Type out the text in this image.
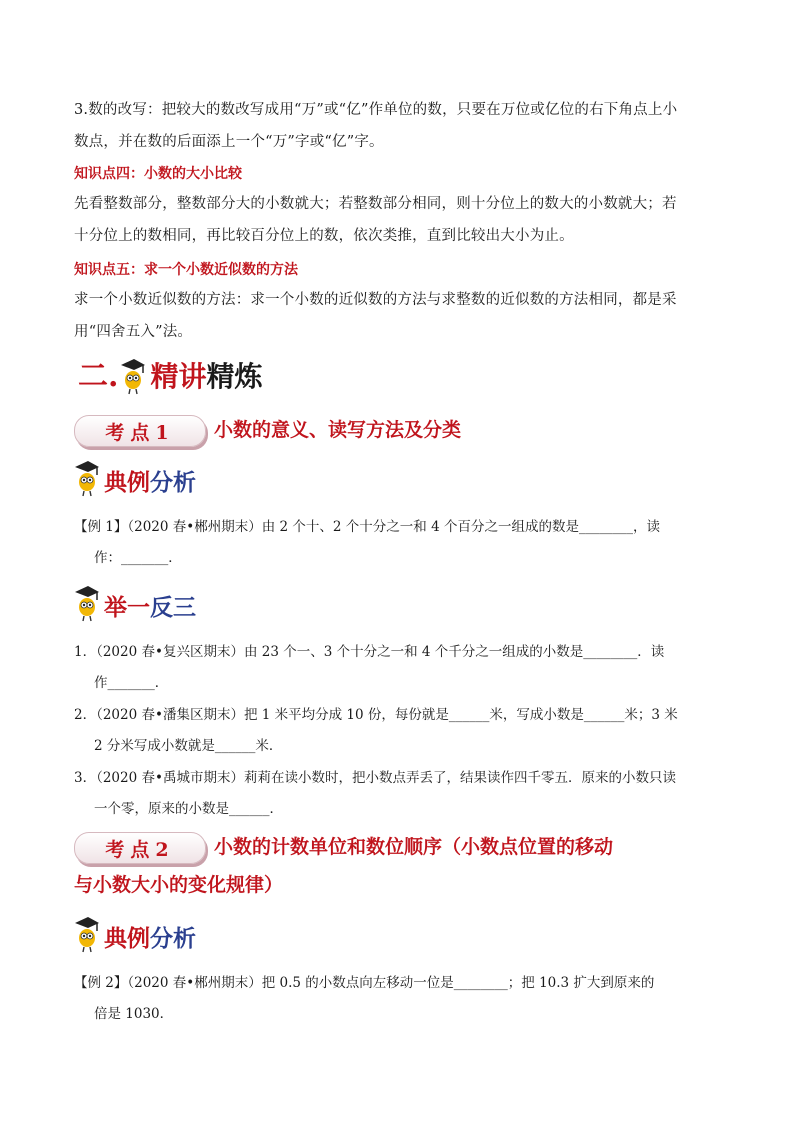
3.数的改写：把较大的数改写成用“万”或“亿”作单位的数，只要在万位或亿位的右下角点上小
数点，并在数的后面添上一个“万”字或“亿”字。

知识点四：小数的大小比较

先看整数部分，整数部分大的小数就大；若整数部分相同，则十分位上的数大的小数就大；若
十分位上的数相同，再比较百分位上的数，依次类推，直到比较出大小为止。

知识点五：求一个小数近似数的方法

求一个小数近似数的方法：求一个小数的近似数的方法与求整数的近似数的方法相同，都是采
用“四舍五入”法。

二. 精讲 精炼
考点1	小数的意义、读写方法及分类

典例 分析

【例 1】（2020 春•郴州期末）由 2 个十、2 个十分之一和 4 个百分之一组成的数是________，读
作：_______．

举一 反三

1．（2020 春•复兴区期末）由 23 个一、3 个十分之一和 4 个千分之一组成的小数是________．读
作_______．

2．（2020 春•潘集区期末）把 1 米平均分成 10 份，每份就是______米，写成小数是______米；3 米
2 分米写成小数就是______米．

3．（2020 春•禹城市期末）莉莉在读小数时，把小数点弄丢了，结果读作四千零五．原来的小数只读
一个零，原来的小数是______．

考点2	小数的计数单位和数位顺序（小数点位置的移动

与小数大小的变化规律）

典例 分析

【例 2】（2020 春•郴州期末）把 0.5 的小数点向左移动一位是________；把 10.3 扩大到原来的
倍是 1030．
